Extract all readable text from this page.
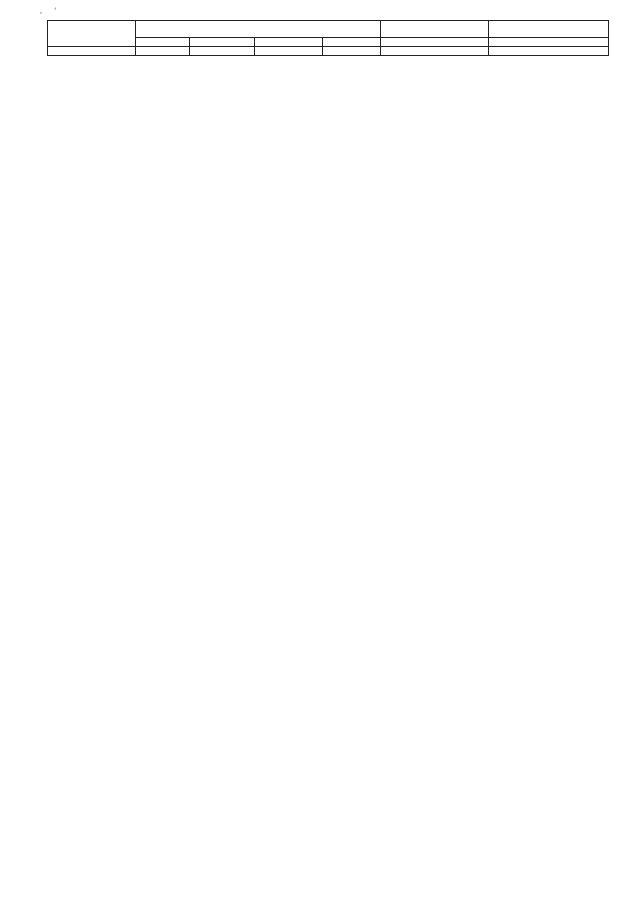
,      ‘
